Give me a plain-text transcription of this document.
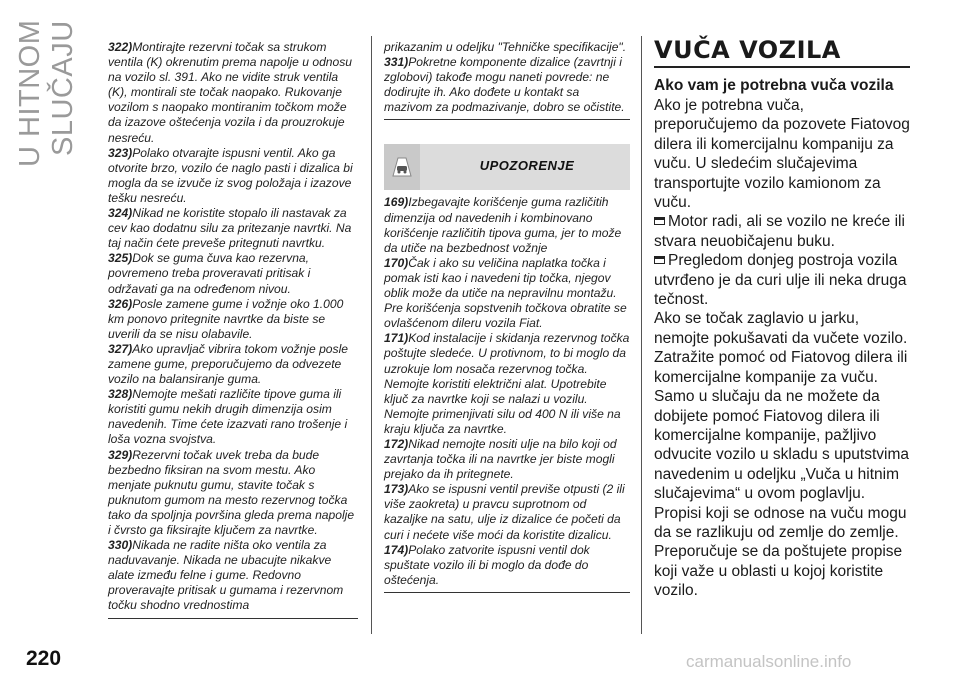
U HITNOM SLUČAJU 322)Montirajte rezervni točak sa strukom ventila (K) okrenutim prema napolje u odnosu na vozilo sl. 391. Ako ne vidite struk ventila (K), montirali ste točak naopako. Rukovanje vozilom s naopako montiranim točkom može da izazove oštećenja vozila i da prouzrokuje nesreću.

323)Polako otvarajte ispusni ventil. Ako ga otvorite brzo, vozilo će naglo pasti i dizalica bi mogla da se izvuče iz svog položaja i izazove tešku nesreću.

324)Nikad ne koristite stopalo ili nastavak za cev kao dodatnu silu za pritezanje navrtki. Na taj način ćete preveše pritegnuti navrtku.

325)Dok se guma čuva kao rezervna, povremeno treba proveravati pritisak i održavati ga na određenom nivou.

326)Posle zamene gume i vožnje oko 1.000 km ponovo pritegnite navrtke da biste se uverili da se nisu olabavile.

327)Ako upravljač vibrira tokom vožnje posle zamene gume, preporučujemo da odvezete vozilo na balansiranje guma.

328)Nemojte mešati različite tipove guma ili koristiti gumu nekih drugih dimenzija osim navedenih. Time ćete izazvati rano trošenje i loša vozna svojstva.

329)Rezervni točak uvek treba da bude bezbedno fiksiran na svom mestu. Ako menjate puknutu gumu, stavite točak s puknutom gumom na mesto rezervnog točka tako da spoljnja površina gleda prema napolje i čvrsto ga fiksirajte ključem za navrtke.

330)Nikada ne radite ništa oko ventila za naduvavanje. Nikada ne ubacujte nikakve alate između felne i gume. Redovno proveravajte pritisak u gumama i rezervnom točku shodno vrednostima

prikazanim u odeljku "Tehničke specifikacije".

331)Pokretne komponente dizalice (zavrtnji i zglobovi) takođe mogu naneti povrede: ne dodirujte ih. Ako dođete u kontakt sa mazivom za podmazivanje, dobro se očistite.

UPOZORENJE

169)Izbegavajte korišćenje guma različitih dimenzija od navedenih i kombinovano korišćenje različitih tipova guma, jer to može da utiče na bezbednost vožnje

170)Čak i ako su veličina naplatka točka i pomak isti kao i navedeni tip točka, njegov oblik može da utiče na nepravilnu montažu. Pre korišćenja sopstvenih točkova obratite se ovlašćenom dileru vozila Fiat.

171)Kod instalacije i skidanja rezervnog točka poštujte sledeće. U protivnom, to bi moglo da uzrokuje lom nosača rezervnog točka. Nemojte koristiti električni alat. Upotrebite ključ za navrtke koji se nalazi u vozilu. Nemojte primenjivati silu od 400 N ili više na kraju ključa za navrtke.

172)Nikad nemojte nositi ulje na bilo koji od zavrtanja točka ili na navrtke jer biste mogli prejako da ih pritegnete.

173)Ako se ispusni ventil previše otpusti (2 ili više zaokreta) u pravcu suprotnom od kazaljke na satu, ulje iz dizalice će početi da curi i nećete više moći da koristite dizalicu.

174)Polako zatvorite ispusni ventil dok spuštate vozilo ili bi moglo da dođe do oštećenja.

VUČA VOZILA
Ako vam je potrebna vuča vozila

Ako je potrebna vuča, preporučujemo da pozovete Fiatovog dilera ili komercijalnu kompaniju za vuču. U sledećim slučajevima transportujte vozilo kamionom za vuču.

Motor radi, ali se vozilo ne kreće ili stvara neuobičajenu buku.

Pregledom donjeg postroja vozila utvrđeno je da curi ulje ili neka druga tečnost.

Ako se točak zaglavio u jarku, nemojte pokušavati da vučete vozilo. Zatražite pomoć od Fiatovog dilera ili komercijalne kompanije za vuču.

Samo u slučaju da ne možete da dobijete pomoć Fiatovog dilera ili komercijalne kompanije, pažljivo odvucite vozilo u skladu s uputstvima navedenim u odeljku „Vuča u hitnim slučajevima“ u ovom poglavlju. Propisi koji se odnose na vuču mogu da se razlikuju od zemlje do zemlje. Preporučuje se da poštujete propise koji važe u oblasti u kojoj koristite vozilo.

220	carmanualsonline.info
